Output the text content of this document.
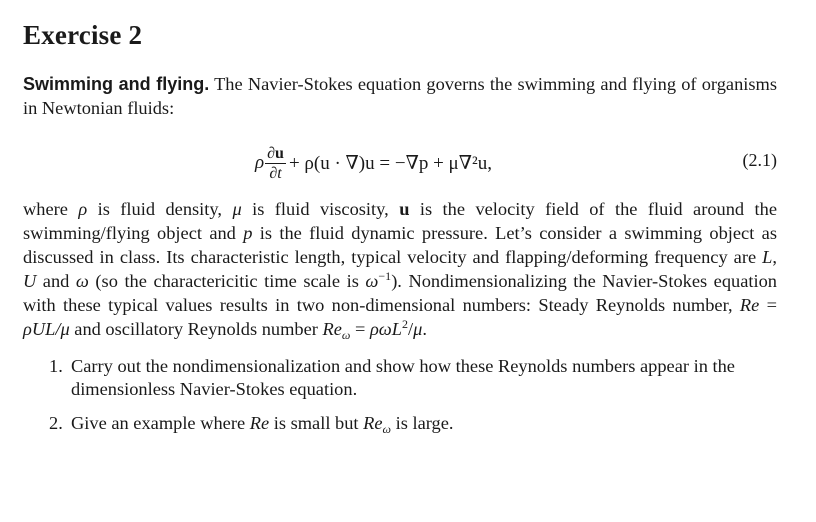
Exercise 2
Swimming and flying. The Navier-Stokes equation governs the swimming and flying of organisms in Newtonian fluids:
ρ $\frac{\partial u}{\partial t} + \rho(u \cdot \nabla)u = -\nabla p + \mu\nabla^2u$,	(2.1)
where ρ is fluid density, μ is fluid viscosity, u is the velocity field of the fluid around the swimming/flying object and p is the fluid dynamic pressure. Let’s consider a swimming object as discussed in class. Its characteristic length, typical velocity and flapping/deforming frequency are L, U and ω (so the charactericitic time scale is $\omega^{-1}$). Nondimensionalizing the Navier-Stokes equation with these typical values results in two non-dimensional numbers: Steady Reynolds number, Re = ρUL/μ and oscillatory Reynolds number $Re_\omega = \rho\omega L^2/\mu$.
1. Carry out the nondimensionalization and show how these Reynolds numbers appear in the dimensionless Navier-Stokes equation.
2. Give an example where Re is small but $Re_\omega$ is large.
